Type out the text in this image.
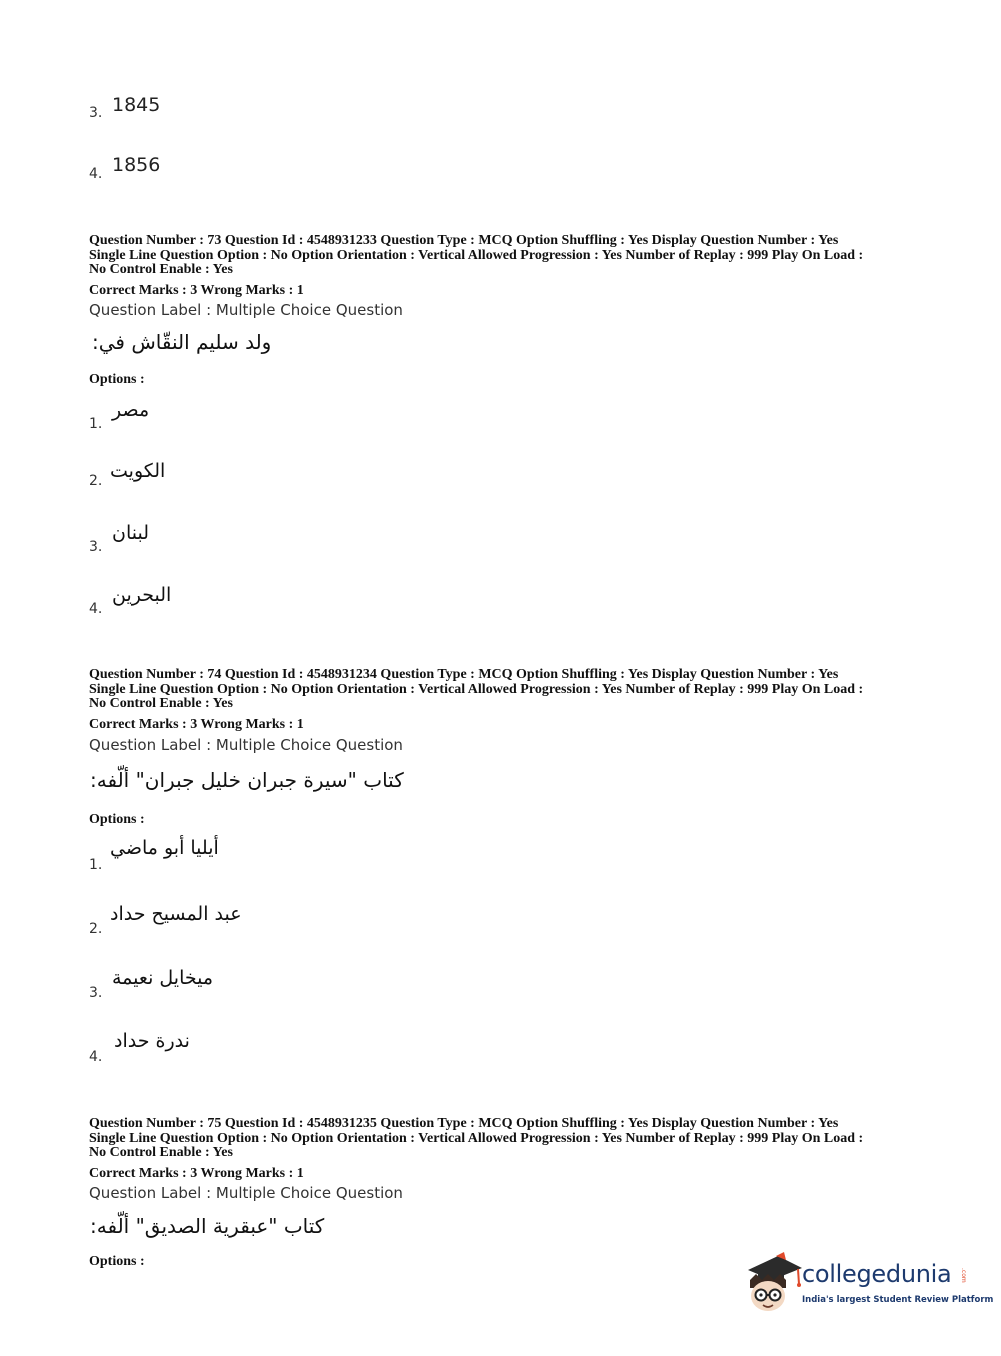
3. 1845
4. 1856
Question Number : 73 Question Id : 4548931233 Question Type : MCQ Option Shuffling : Yes Display Question Number : Yes
Single Line Question Option : No Option Orientation : Vertical Allowed Progression : Yes Number of Replay : 999 Play On Load :
No Control Enable : Yes
Correct Marks : 3 Wrong Marks : 1
Question Label : Multiple Choice Question
ولد سليم النقّاش في:
Options :
1.
مصر
2. الكويت
3.
لبنان
4.
البحرين
Question Number : 74 Question Id : 4548931234 Question Type : MCQ Option Shuffling : Yes Display Question Number : Yes
Single Line Question Option : No Option Orientation : Vertical Allowed Progression : Yes Number of Replay : 999 Play On Load :
No Control Enable : Yes
Correct Marks : 3 Wrong Marks : 1
Question Label : Multiple Choice Question
كتاب "سيرة جبران خليل جبران" ألّفه:
Options :
1.
أيليا أبو ماضي
2.
عبد المسيح حداد
3.
ميخايل نعيمة
4.
ندرة حداد
Question Number : 75 Question Id : 4548931235 Question Type : MCQ Option Shuffling : Yes Display Question Number : Yes
Single Line Question Option : No Option Orientation : Vertical Allowed Progression : Yes Number of Replay : 999 Play On Load :
No Control Enable : Yes
Correct Marks : 3 Wrong Marks : 1
Question Label : Multiple Choice Question
كتاب "عبقرية الصديق" ألّفه:
Options :	collegedunia .com
India's largest Student Review Platform
